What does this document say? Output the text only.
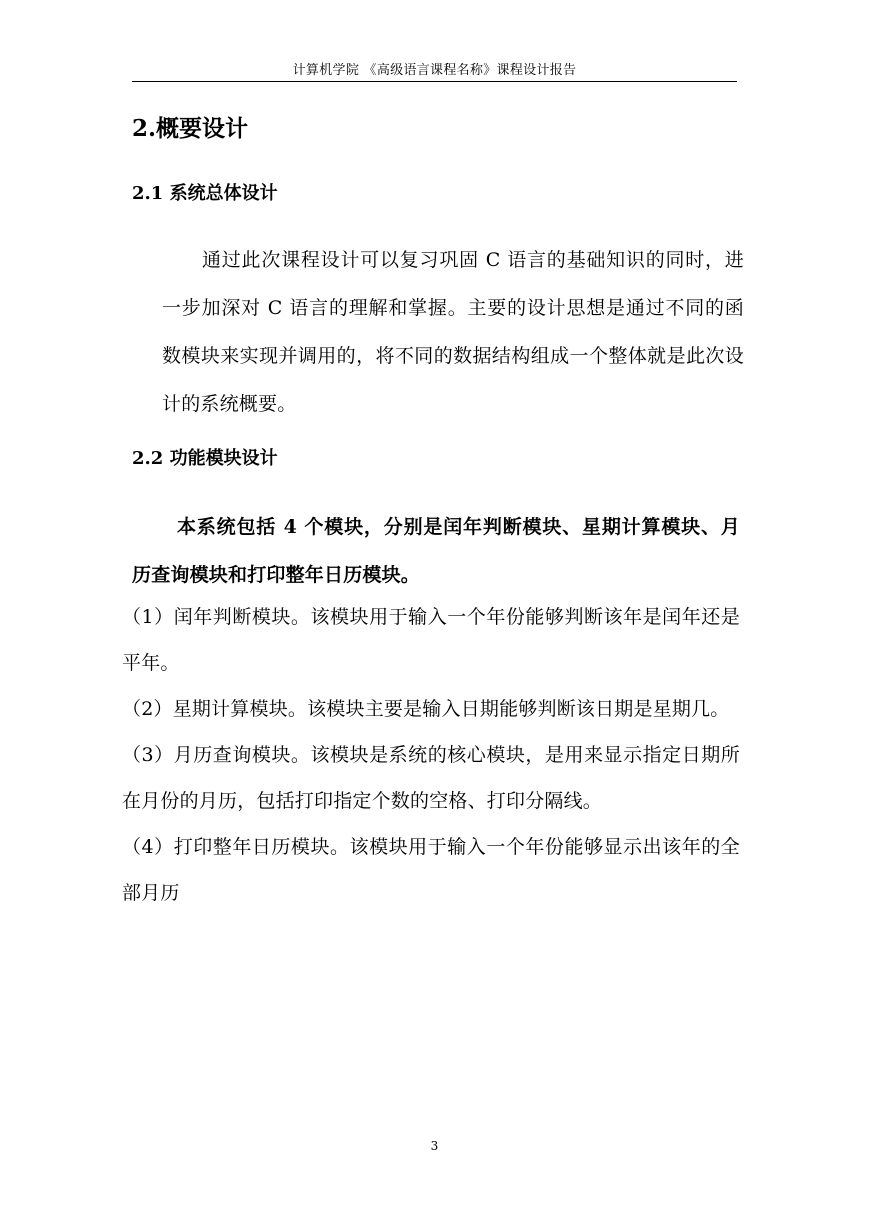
计算机学院 《高级语言课程名称》课程设计报告
2.概要设计
2.1 系统总体设计

通过此次课程设计可以复习巩固 C 语言的基础知识的同时，进一步加深对 C 语言的理解和掌握。主要的设计思想是通过不同的函数模块来实现并调用的，将不同的数据结构组成一个整体就是此次设计的系统概要。

2.2 功能模块设计

本系统包括 4 个模块，分别是闰年判断模块、星期计算模块、月历查询模块和打印整年日历模块。

（1）闰年判断模块。该模块用于输入一个年份能够判断该年是闰年还是平年。
（2）星期计算模块。该模块主要是输入日期能够判断该日期是星期几。
（3）月历查询模块。该模块是系统的核心模块，是用来显示指定日期所在月份的月历，包括打印指定个数的空格、打印分隔线。
（4）打印整年日历模块。该模块用于输入一个年份能够显示出该年的全部月历
3
